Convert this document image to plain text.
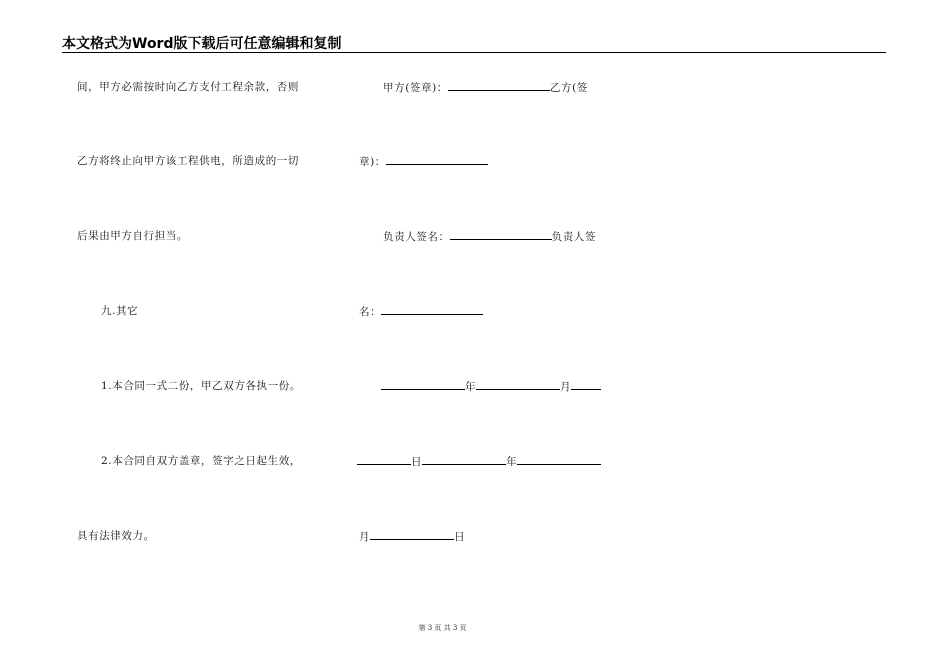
本文格式为Word版下载后可任意编辑和复制
间，甲方必需按时向乙方支付工程余款，否则
乙方将终止向甲方该工程供电，所造成的一切
后果由甲方自行担当。
九.其它
1.本合同一式二份，甲乙双方各执一份。
2.本合同自双方盖章，签字之日起生效，
具有法律效力。
甲方(签章)：	乙方(签
章)：
负责人签名：	负责人签
名：
年	月
日	年
月	日
第 3 页 共 3 页
